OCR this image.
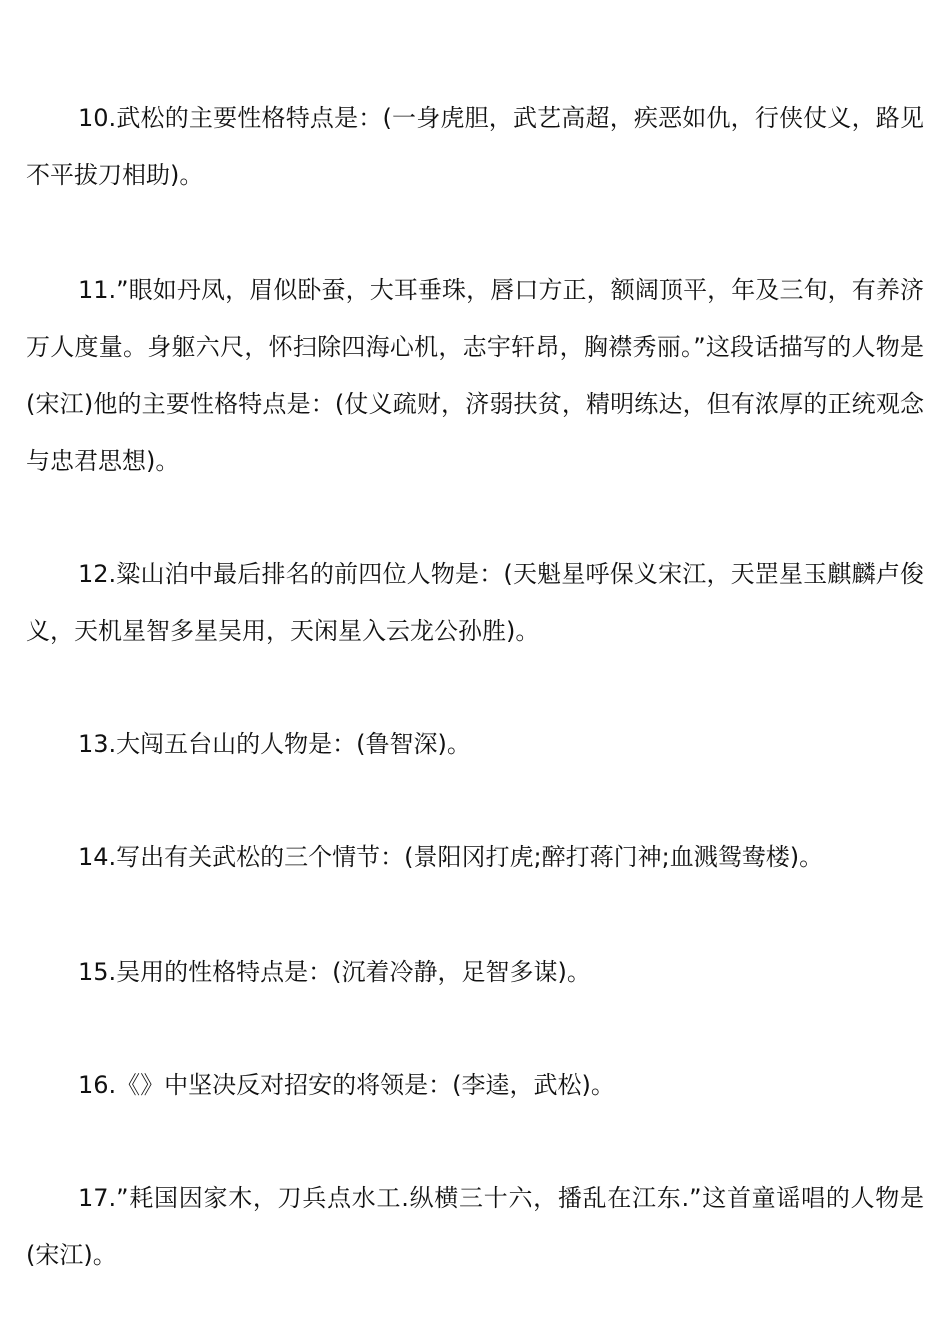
10.武松的主要性格特点是：(一身虎胆，武艺高超，疾恶如仇，行侠仗义，路见不平拔刀相助)。

11.”眼如丹凤，眉似卧蚕，大耳垂珠，唇口方正，额阔顶平，年及三旬，有养济万人度量。身躯六尺，怀扫除四海心机，志宇轩昂，胸襟秀丽。”这段话描写的人物是(宋江)他的主要性格特点是：(仗义疏财，济弱扶贫，精明练达，但有浓厚的正统观念与忠君思想)。

12.粱山泊中最后排名的前四位人物是：(天魁星呼保义宋江，天罡星玉麒麟卢俊义，天机星智多星吴用，天闲星入云龙公孙胜)。

13.大闯五台山的人物是：(鲁智深)。

14.写出有关武松的三个情节：(景阳冈打虎;醉打蒋门神;血溅鸳鸯楼)。

15.吴用的性格特点是：(沉着冷静，足智多谋)。

16.《》中坚决反对招安的将领是：(李逵，武松)。

17.”耗国因家木，刀兵点水工.纵横三十六，播乱在江东.”这首童谣唱的人物是(宋江)。
